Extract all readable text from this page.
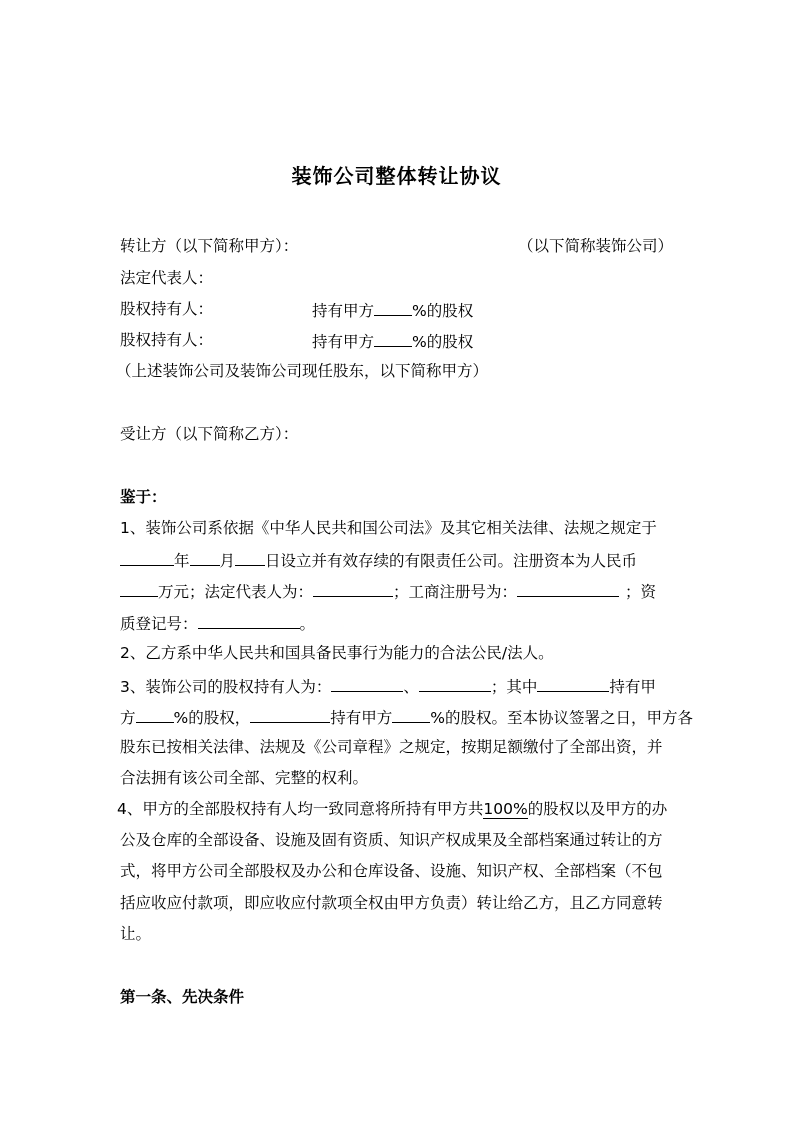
装饰公司整体转让协议
转让方（以下简称甲方）：	（以下简称装饰公司）
法定代表人：
股权持有人：	持有甲方 %的股权
股权持有人：	持有甲方 %的股权
（上述装饰公司及装饰公司现任股东，以下简称甲方）
受让方（以下简称乙方）：
鉴于：
1、装饰公司系依据《中华人民共和国公司法》及其它相关法律、法规之规定于
年 月 日设立并有效存续的有限责任公司。注册资本为人民币
万元；法定代表人为：	；工商注册号为：	；资
质登记号：	。
2、乙方系中华人民共和国具备民事行为能力的合法公民/法人。
3、装饰公司的股权持有人为：	、	；其中	持有甲
方 %的股权，	持有甲方 %的股权。至本协议签署之日，甲方各
股东已按相关法律、法规及《公司章程》之规定，按期足额缴付了全部出资，并
合法拥有该公司全部、完整的权利。
4、甲方的全部股权持有人均一致同意将所持有甲方共100%的股权以及甲方的办
公及仓库的全部设备、设施及固有资质、知识产权成果及全部档案通过转让的方
式，将甲方公司全部股权及办公和仓库设备、设施、知识产权、全部档案（不包
括应收应付款项，即应收应付款项全权由甲方负责）转让给乙方，且乙方同意转
让。
第一条、先决条件
